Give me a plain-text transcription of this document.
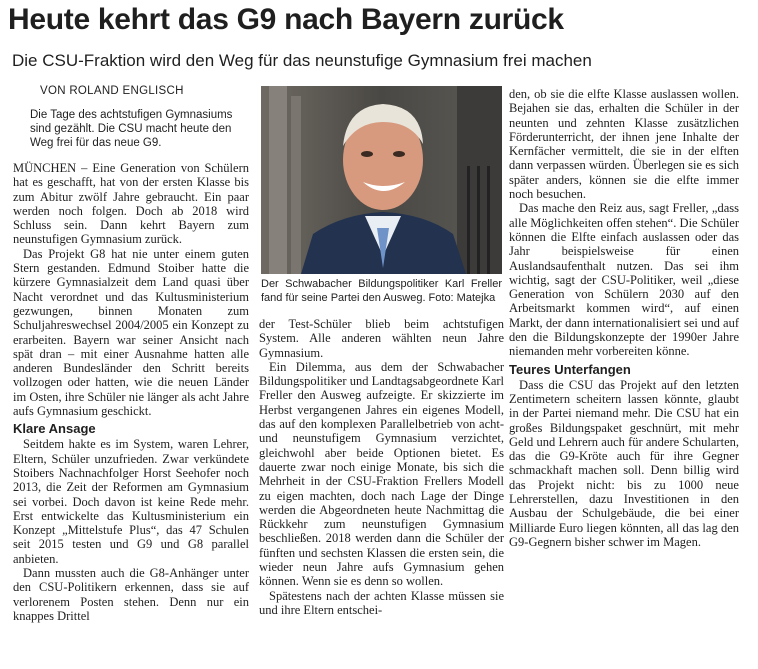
Heute kehrt das G9 nach Bayern zurück
Die CSU-Fraktion wird den Weg für das neunstufige Gymnasium frei machen
VON ROLAND ENGLISCH

Die Tage des achtstufigen Gymnasiums sind gezählt. Die CSU macht heute den Weg frei für das neue G9.

MÜNCHEN – Eine Generation von Schülern hat es geschafft, hat von der ersten Klasse bis zum Abitur zwölf Jahre gebraucht. Ein paar werden noch folgen. Doch ab 2018 wird Schluss sein. Dann kehrt Bayern zum neunstufigen Gymnasium zurück.

Das Projekt G8 hat nie unter einem guten Stern gestanden. Edmund Stoiber hatte die kürzere Gymnasialzeit dem Land quasi über Nacht verordnet und das Kultusministerium gezwungen, binnen Monaten zum Schuljahreswechsel 2004/2005 ein Konzept zu erarbeiten. Bayern war seiner Ansicht nach spät dran – mit einer Ausnahme hatten alle anderen Bundesländer den Schritt bereits vollzogen oder hatten, wie die neuen Länder im Osten, ihre Schüler nie länger als acht Jahre aufs Gymnasium geschickt.

Klare Ansage

Seitdem hakte es im System, waren Lehrer, Eltern, Schüler unzufrieden. Zwar verkündete Stoibers Nachnachfolger Horst Seehofer noch 2013, die Zeit der Reformen am Gymnasium sei vorbei. Doch davon ist keine Rede mehr. Erst entwickelte das Kultusministerium ein Konzept „Mittelstufe Plus“, das 47 Schulen seit 2015 testen und G9 und G8 parallel anbieten.

Dann mussten auch die G8-Anhänger unter den CSU-Politikern erkennen, dass sie auf verlorenem Posten stehen. Denn nur ein knappes Drittel

Der Schwabacher Bildungspolitiker Karl Freller fand für seine Partei den Ausweg. Foto: Matejka

der Test-Schüler blieb beim achtstufigen System. Alle anderen wählten neun Jahre Gymnasium.

Ein Dilemma, aus dem der Schwabacher Bildungspolitiker und Landtagsabgeordnete Karl Freller den Ausweg aufzeigte. Er skizzierte im Herbst vergangenen Jahres ein eigenes Modell, das auf den komplexen Parallelbetrieb von acht- und neunstufigem Gymnasium verzichtet, gleichwohl aber beide Optionen bietet. Es dauerte zwar noch einige Monate, bis sich die Mehrheit in der CSU-Fraktion Frellers Modell zu eigen machten, doch nach Lage der Dinge werden die Abgeordneten heute Nachmittag die Rückkehr zum neunstufigen Gymnasium beschließen. 2018 werden dann die Schüler der fünften und sechsten Klassen die ersten sein, die wieder neun Jahre aufs Gymnasium gehen können. Wenn sie es denn so wollen.

Spätestens nach der achten Klasse müssen sie und ihre Eltern entschei-

den, ob sie die elfte Klasse auslassen wollen. Bejahen sie das, erhalten die Schüler in der neunten und zehnten Klasse zusätzlichen Förderunterricht, der ihnen jene Inhalte der Kernfächer vermittelt, die sie in der elften dann verpassen würden. Überlegen sie es sich später anders, können sie die elfte immer noch besuchen.

Das mache den Reiz aus, sagt Freller, „dass alle Möglichkeiten offen stehen“. Die Schüler können die Elfte einfach auslassen oder das Jahr beispielsweise für einen Auslandsaufenthalt nutzen. Das sei ihm wichtig, sagt der CSU-Politiker, weil „diese Generation von Schülern 2030 auf den Arbeitsmarkt kommen wird“, auf einen Markt, der dann internationalisiert sei und auf den die Bildungskonzepte der 1990er Jahre niemanden mehr vorbereiten könne.

Teures Unterfangen

Dass die CSU das Projekt auf den letzten Zentimetern scheitern lassen könnte, glaubt in der Partei niemand mehr. Die CSU hat ein großes Bildungspaket geschnürt, mit mehr Geld und Lehrern auch für andere Schularten, das die G9-Kröte auch für ihre Gegner schmackhaft machen soll. Denn billig wird das Projekt nicht: bis zu 1000 neue Lehrerstellen, dazu Investitionen in den Ausbau der Schulgebäude, die bei einer Milliarde Euro liegen könnten, all das lag den G9-Gegnern bisher schwer im Magen.
